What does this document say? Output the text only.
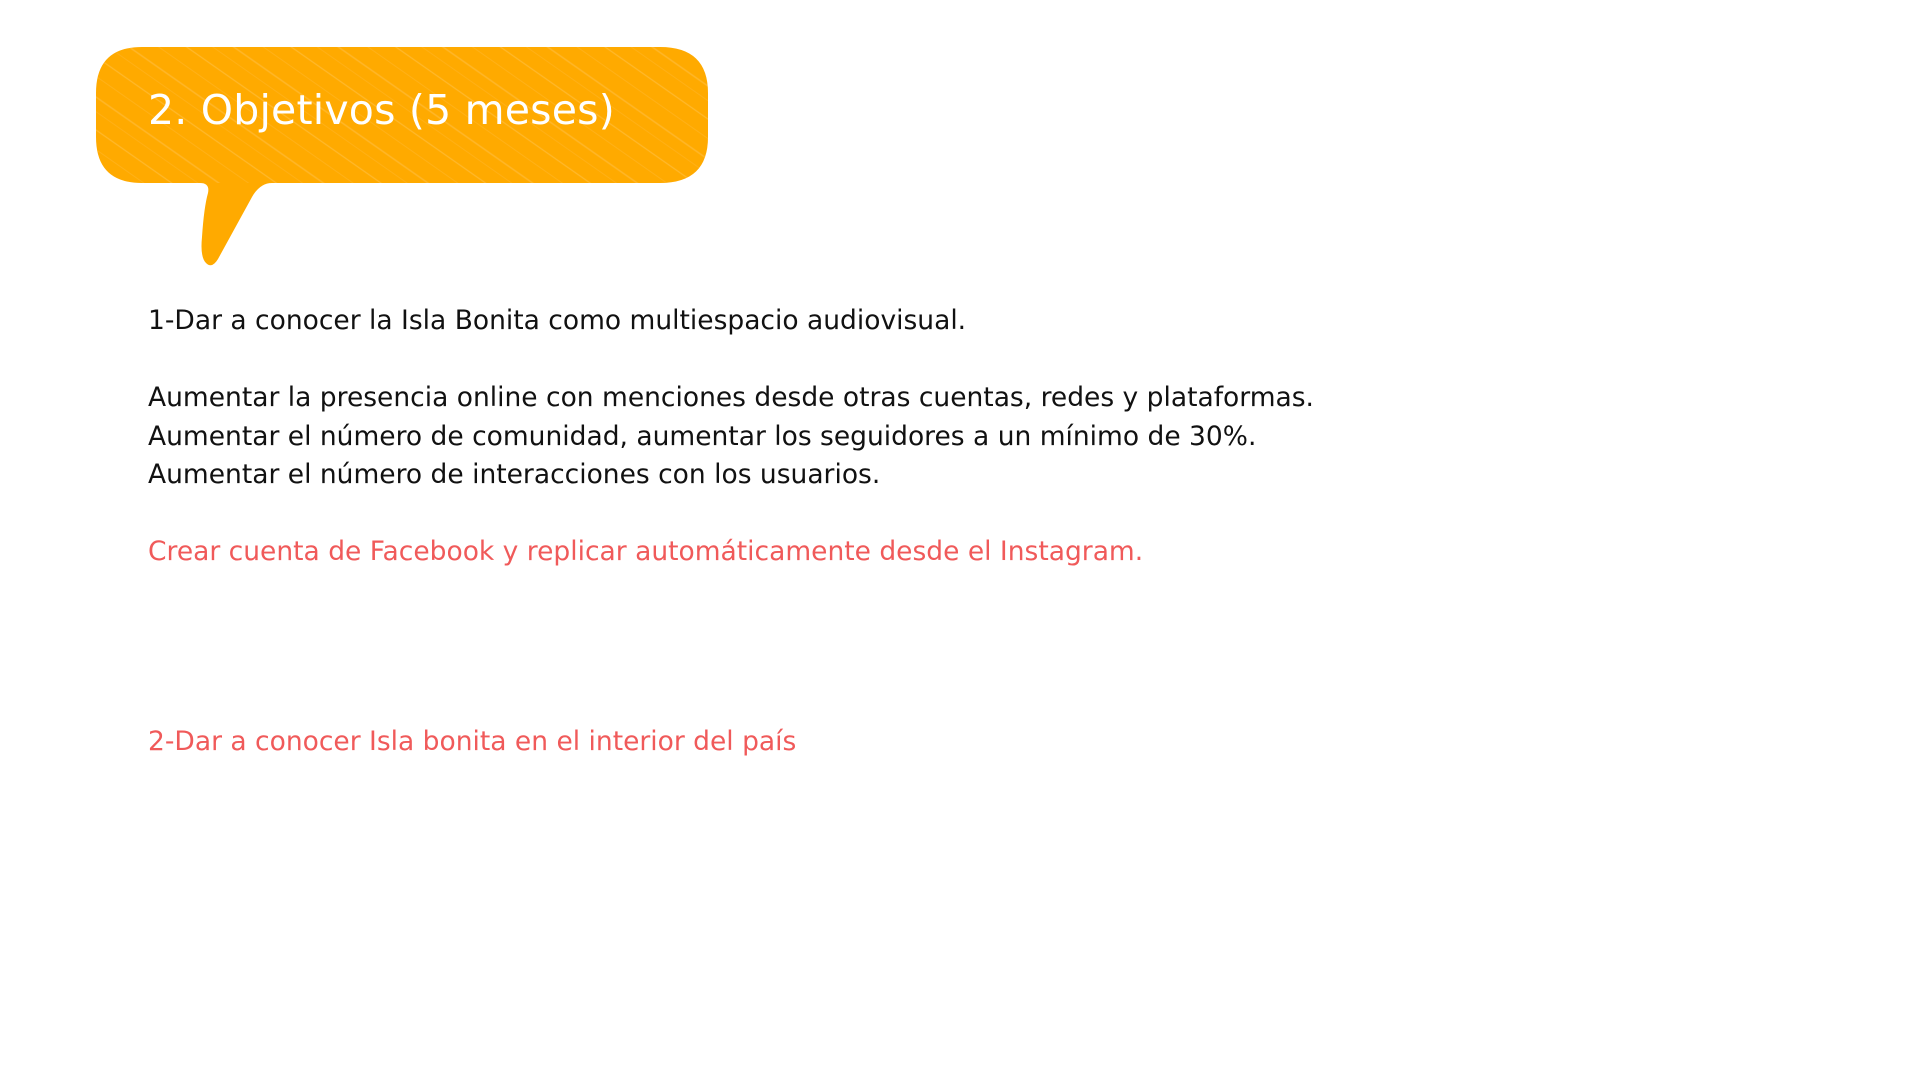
2. Objetivos (5 meses)
1-Dar a conocer la Isla Bonita como multiespacio audiovisual.
Aumentar la presencia online con menciones desde otras cuentas, redes y plataformas.
Aumentar el número de comunidad, aumentar los seguidores a un mínimo de 30%.
Aumentar el número de interacciones con los usuarios.
Crear cuenta de Facebook y replicar automáticamente desde el Instagram.
2-Dar a conocer Isla bonita en el interior del país
